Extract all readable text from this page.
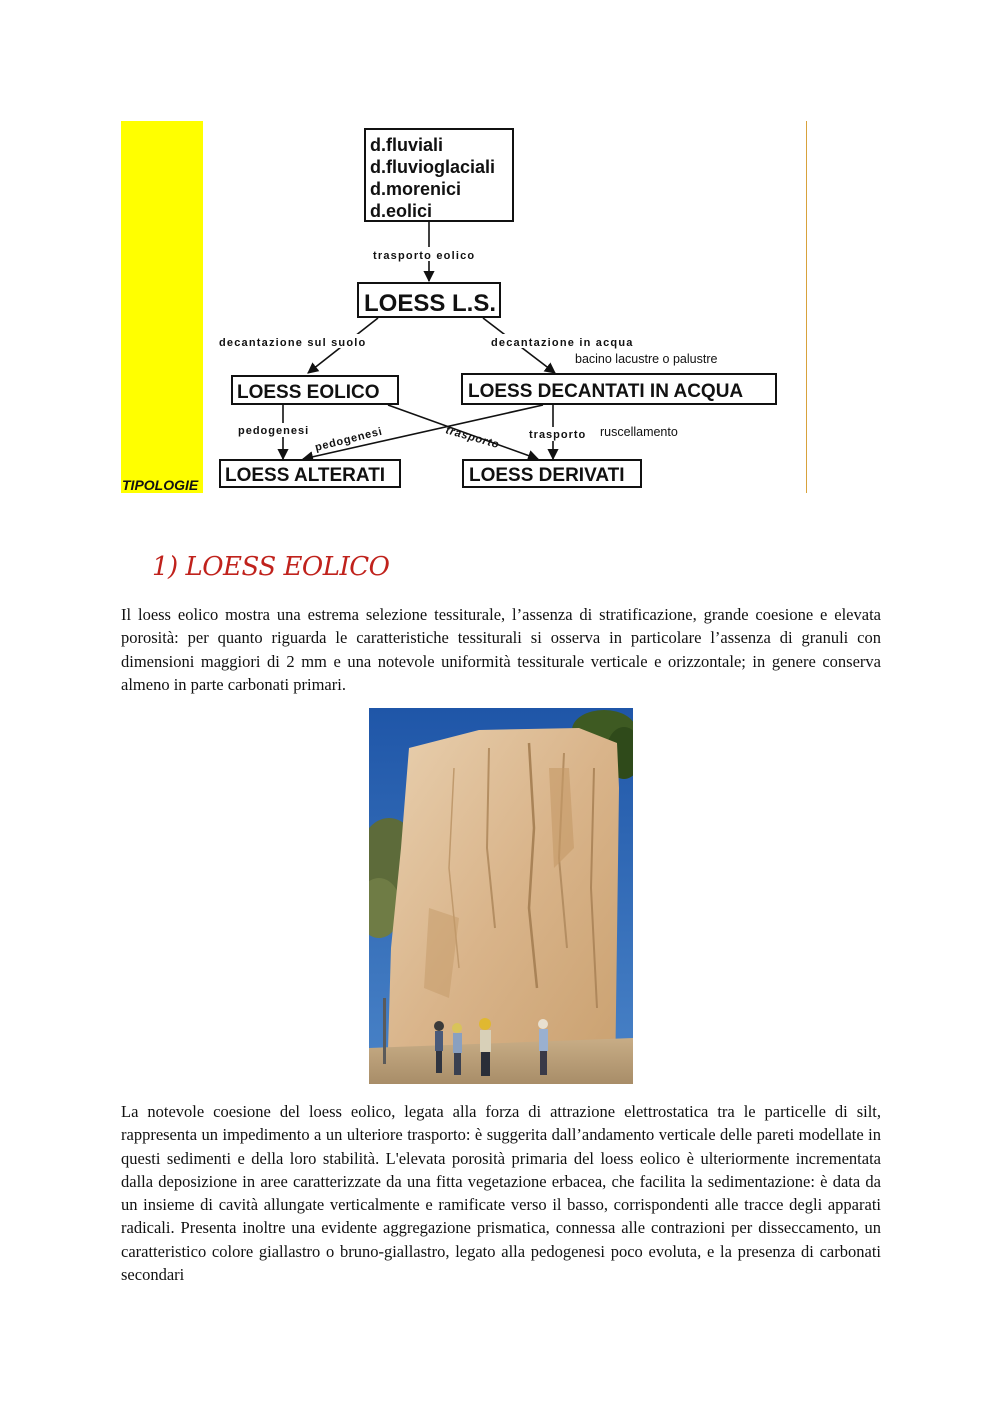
TIPOLOGIE
d.fluviali
d.fluvioglaciali
d.morenici
d.eolici
trasporto eolico
LOESS L.S.
decantazione sul suolo	decantazione in acqua
bacino lacustre o palustre
LOESS EOLICO	LOESS DECANTATI IN ACQUA
pedogenesi pedogenesi	trasporto	trasporto ruscellamento
LOESS ALTERATI	LOESS DERIVATI
1) LOESS EOLICO

Il loess eolico mostra una estrema selezione tessiturale, l’assenza di stratificazione, grande coesione e elevata porosità: per quanto riguarda le caratteristiche tessiturali si osserva in particolare l’assenza di granuli con dimensioni maggiori di 2 mm e una notevole uniformità tessiturale verticale e orizzontale; in genere conserva almeno in parte carbonati primari.

La notevole coesione del loess eolico, legata alla forza di attrazione elettrostatica tra le particelle di silt, rappresenta un impedimento a un ulteriore trasporto: è suggerita dall’andamento verticale delle pareti modellate in questi sedimenti e della loro stabilità. L'elevata porosità primaria del loess eolico è ulteriormente incrementata dalla deposizione in aree caratterizzate da una fitta vegetazione erbacea, che facilita la sedimentazione: è data da un insieme di cavità allungate verticalmente e ramificate verso il basso, corrispondenti alle tracce degli apparati radicali. Presenta inoltre una evidente aggregazione prismatica, connessa alle contrazioni per disseccamento, un caratteristico colore giallastro o bruno-giallastro, legato alla pedogenesi poco evoluta, e la presenza di carbonati secondari
